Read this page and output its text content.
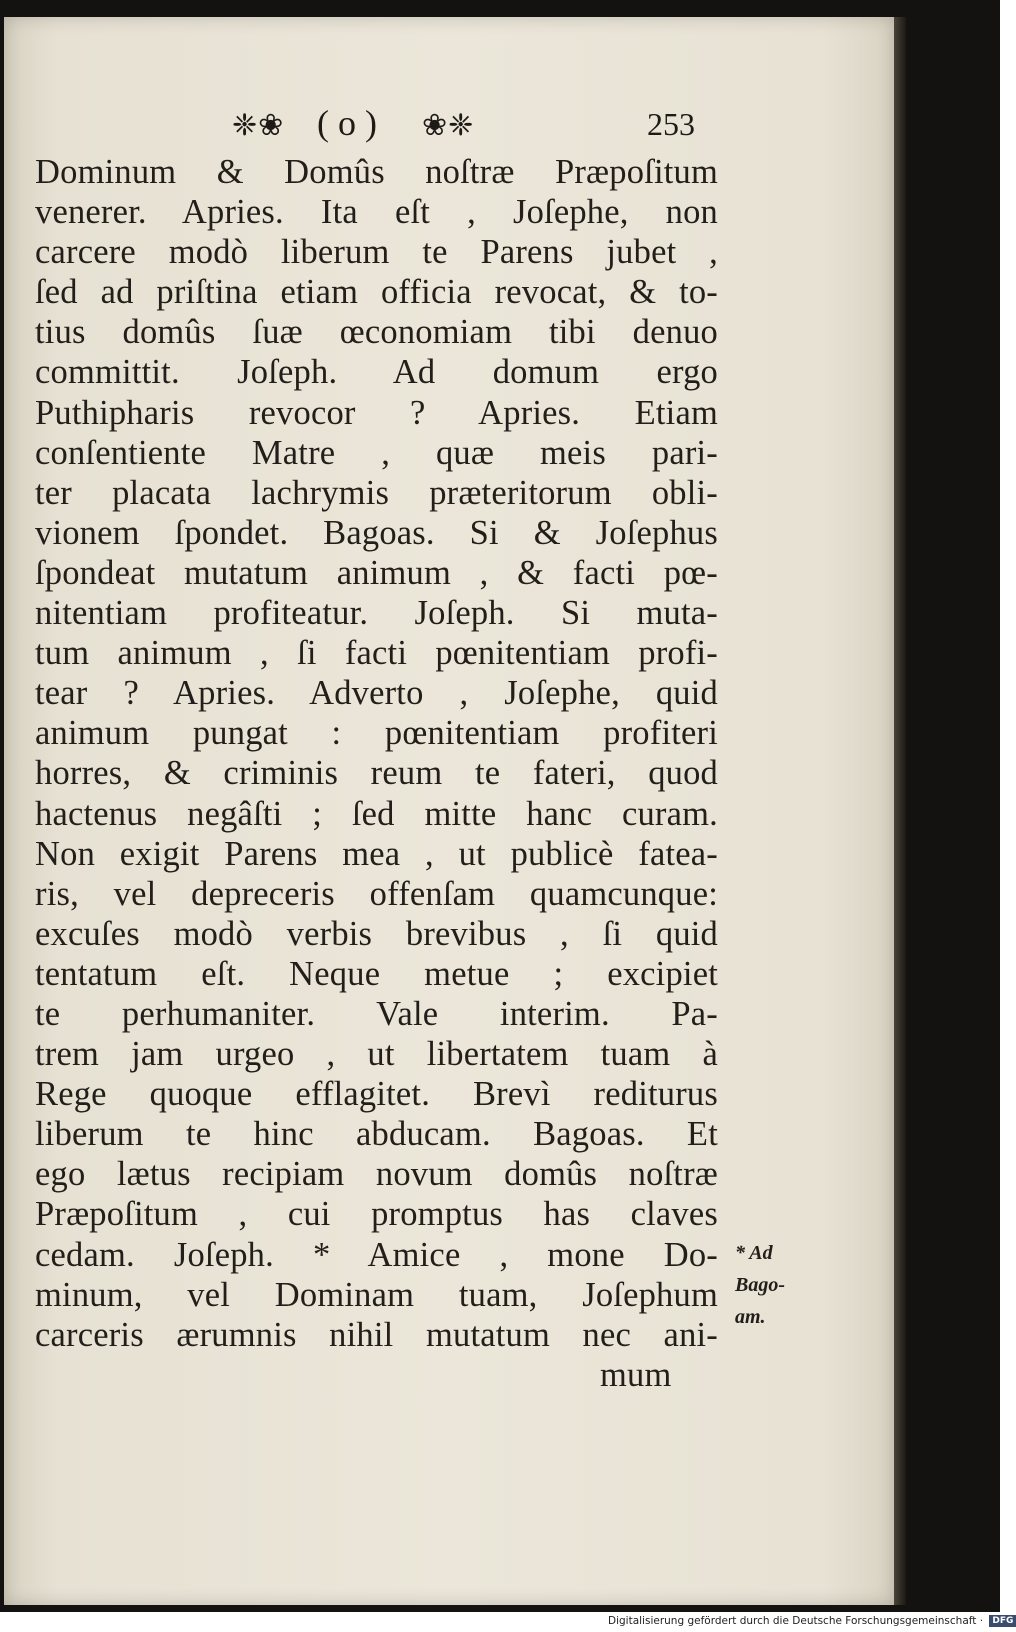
❈❀ ( o ) ❀❈	253
Dominum & Domûs noſtræ Præpoſitum
venerer. Apries. Ita eſt , Joſephe, non
carcere modò liberum te Parens jubet ,
ſed ad priſtina etiam officia revocat, & to-
tius domûs ſuæ œconomiam tibi denuo
committit. Joſeph. Ad domum ergo
Puthipharis revocor ? Apries. Etiam
conſentiente Matre , quæ meis pari-
ter placata lachrymis præteritorum obli-
vionem ſpondet. Bagoas. Si & Joſephus
ſpondeat mutatum animum , & facti pœ-
nitentiam profiteatur. Joſeph. Si muta-
tum animum , ſi facti pœnitentiam profi-
tear ? Apries. Adverto , Joſephe, quid
animum pungat : pœnitentiam profiteri
horres, & criminis reum te fateri, quod
hactenus negâſti ; ſed mitte hanc curam.
Non exigit Parens mea , ut publicè fatea-
ris, vel depreceris offenſam quamcunque:
excuſes modò verbis brevibus , ſi quid
tentatum eſt. Neque metue ; excipiet
te perhumaniter. Vale interim. Pa-
trem jam urgeo , ut libertatem tuam à
Rege quoque efflagitet. Brevì rediturus
liberum te hinc abducam. Bagoas. Et
ego lætus recipiam novum domûs noſtræ
Præpoſitum , cui promptus has claves
cedam. Joſeph. * Amice , mone Do-
minum, vel Dominam tuam, Joſephum
carceris ærumnis nihil mutatum nec ani-
mum
* Ad
Bago-
am.
Digitalisierung gefördert durch die Deutsche Forschungsgemeinschaft · DFG
